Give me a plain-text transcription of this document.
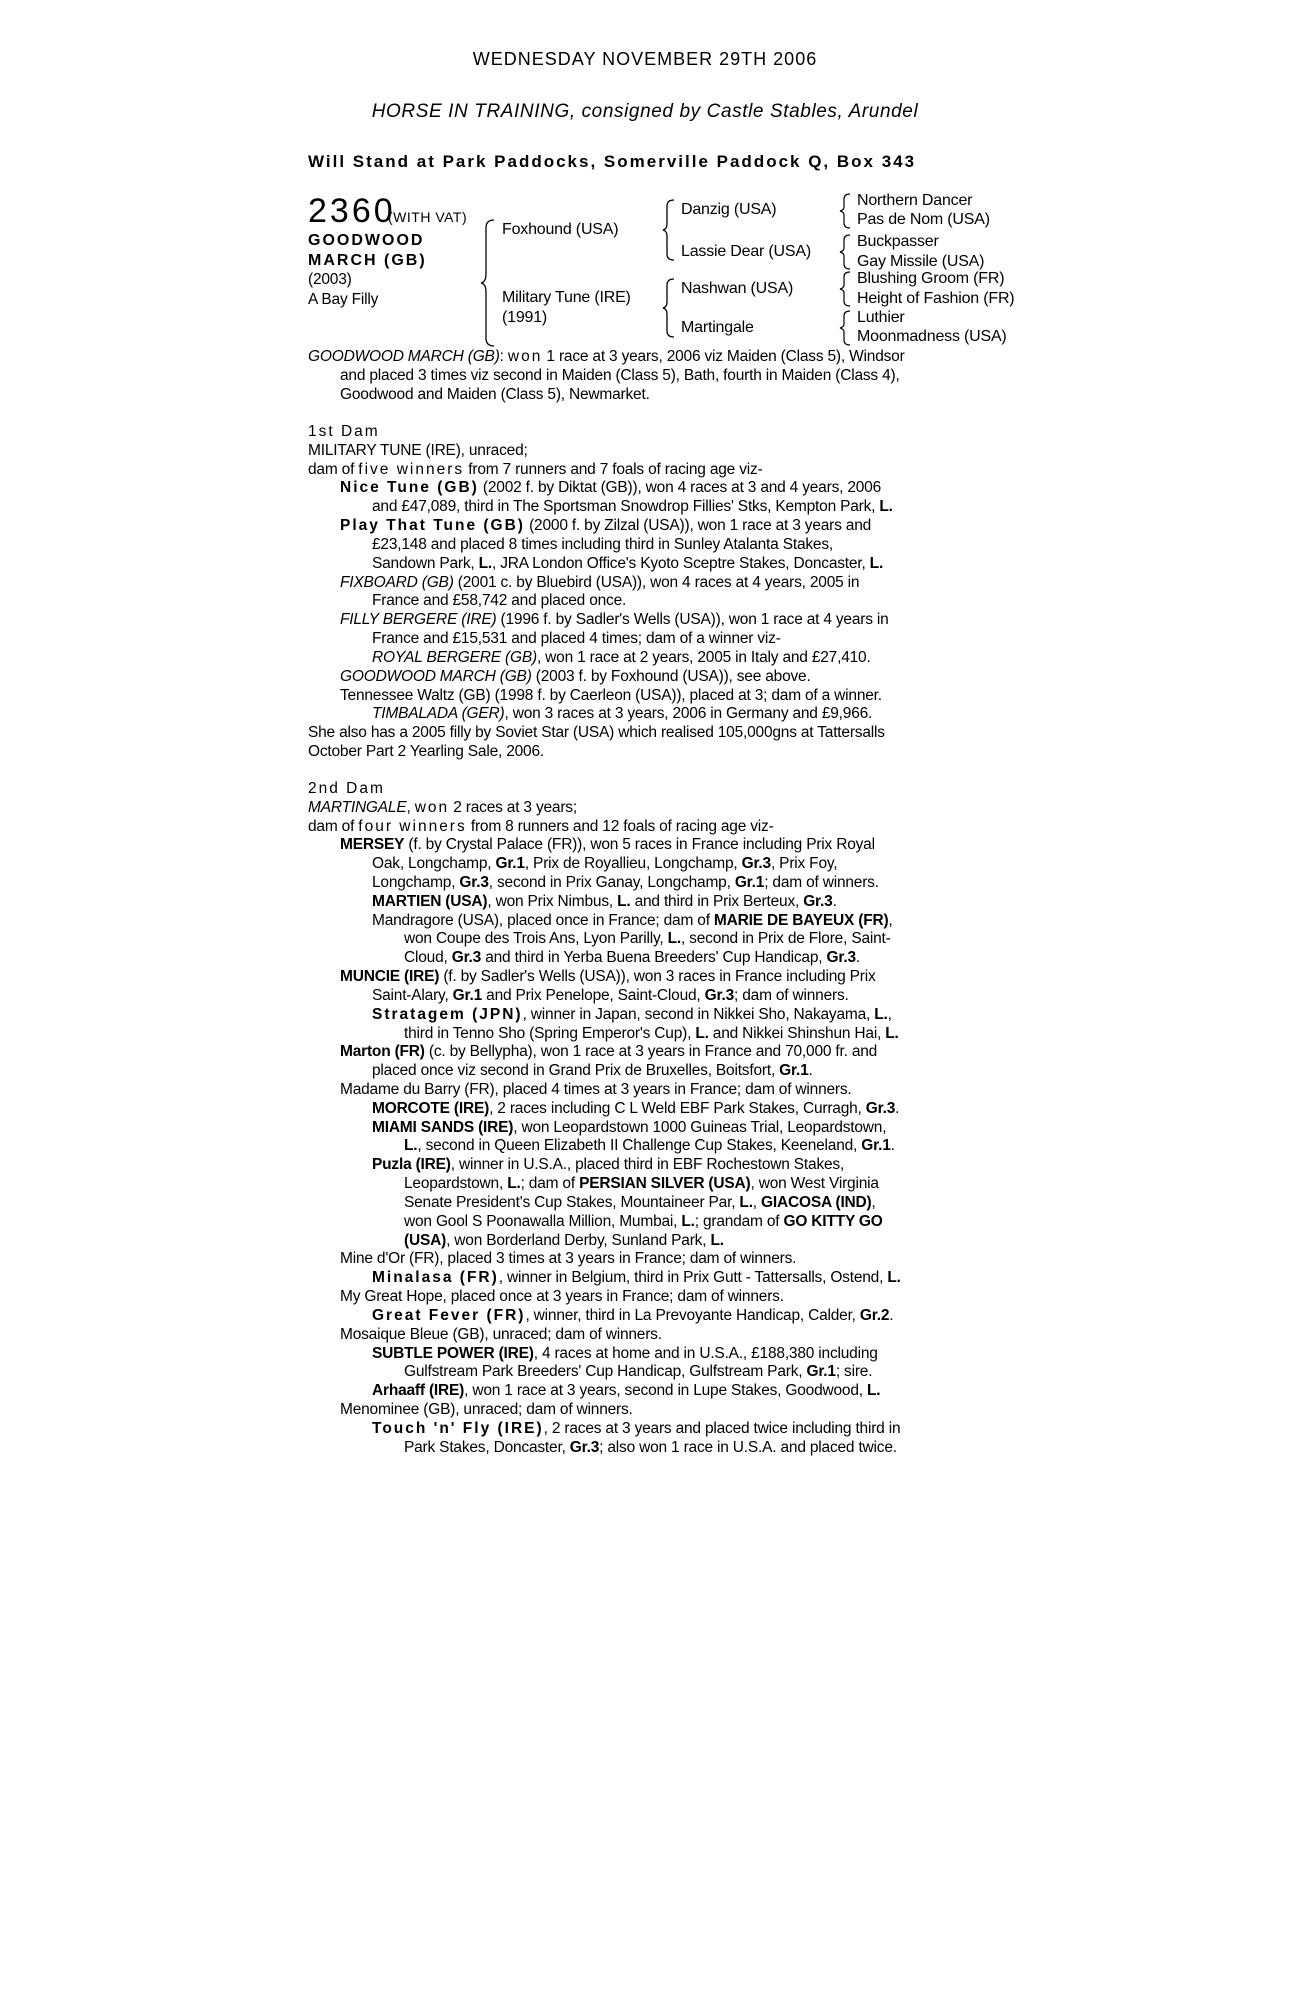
WEDNESDAY NOVEMBER 29TH 2006
HORSE IN TRAINING, consigned by Castle Stables, Arundel
Will Stand at Park Paddocks, Somerville Paddock Q, Box 343
2360
(WITH VAT)
GOODWOOD MARCH (GB)
(2003)
A Bay Filly
Foxhound (USA)
Military Tune (IRE)
(1991)
Danzig (USA)
Lassie Dear (USA)
Nashwan (USA)
Martingale
Northern Dancer
Pas de Nom (USA)
Buckpasser
Gay Missile (USA)
Blushing Groom (FR)
Height of Fashion (FR)
Luthier
Moonmadness (USA)
GOODWOOD MARCH (GB): won 1 race at 3 years, 2006 viz Maiden (Class 5), Windsor
and placed 3 times viz second in Maiden (Class 5), Bath, fourth in Maiden (Class 4),
Goodwood and Maiden (Class 5), Newmarket.
1st Dam
MILITARY TUNE (IRE), unraced;
dam of five winners from 7 runners and 7 foals of racing age viz-
Nice Tune (GB) (2002 f. by Diktat (GB)), won 4 races at 3 and 4 years, 2006
and £47,089, third in The Sportsman Snowdrop Fillies' Stks, Kempton Park, L.
Play That Tune (GB) (2000 f. by Zilzal (USA)), won 1 race at 3 years and
£23,148 and placed 8 times including third in Sunley Atalanta Stakes,
Sandown Park, L., JRA London Office's Kyoto Sceptre Stakes, Doncaster, L.
FIXBOARD (GB) (2001 c. by Bluebird (USA)), won 4 races at 4 years, 2005 in
France and £58,742 and placed once.
FILLY BERGERE (IRE) (1996 f. by Sadler's Wells (USA)), won 1 race at 4 years in
France and £15,531 and placed 4 times; dam of a winner viz-
ROYAL BERGERE (GB), won 1 race at 2 years, 2005 in Italy and £27,410.
GOODWOOD MARCH (GB) (2003 f. by Foxhound (USA)), see above.
Tennessee Waltz (GB) (1998 f. by Caerleon (USA)), placed at 3; dam of a winner.
TIMBALADA (GER), won 3 races at 3 years, 2006 in Germany and £9,966.
She also has a 2005 filly by Soviet Star (USA) which realised 105,000gns at Tattersalls
October Part 2 Yearling Sale, 2006.
2nd Dam
MARTINGALE, won 2 races at 3 years;
dam of four winners from 8 runners and 12 foals of racing age viz-
MERSEY (f. by Crystal Palace (FR)), won 5 races in France including Prix Royal
Oak, Longchamp, Gr.1, Prix de Royallieu, Longchamp, Gr.3, Prix Foy,
Longchamp, Gr.3, second in Prix Ganay, Longchamp, Gr.1; dam of winners.
MARTIEN (USA), won Prix Nimbus, L. and third in Prix Berteux, Gr.3.
Mandragore (USA), placed once in France; dam of MARIE DE BAYEUX (FR),
won Coupe des Trois Ans, Lyon Parilly, L., second in Prix de Flore, Saint-
Cloud, Gr.3 and third in Yerba Buena Breeders' Cup Handicap, Gr.3.
MUNCIE (IRE) (f. by Sadler's Wells (USA)), won 3 races in France including Prix
Saint-Alary, Gr.1 and Prix Penelope, Saint-Cloud, Gr.3; dam of winners.
Stratagem (JPN), winner in Japan, second in Nikkei Sho, Nakayama, L.,
third in Tenno Sho (Spring Emperor's Cup), L. and Nikkei Shinshun Hai, L.
Marton (FR) (c. by Bellypha), won 1 race at 3 years in France and 70,000 fr. and
placed once viz second in Grand Prix de Bruxelles, Boitsfort, Gr.1.
Madame du Barry (FR), placed 4 times at 3 years in France; dam of winners.
MORCOTE (IRE), 2 races including C L Weld EBF Park Stakes, Curragh, Gr.3.
MIAMI SANDS (IRE), won Leopardstown 1000 Guineas Trial, Leopardstown,
L., second in Queen Elizabeth II Challenge Cup Stakes, Keeneland, Gr.1.
Puzla (IRE), winner in U.S.A., placed third in EBF Rochestown Stakes,
Leopardstown, L.; dam of PERSIAN SILVER (USA), won West Virginia
Senate President's Cup Stakes, Mountaineer Par, L., GIACOSA (IND),
won Gool S Poonawalla Million, Mumbai, L.; grandam of GO KITTY GO
(USA), won Borderland Derby, Sunland Park, L.
Mine d'Or (FR), placed 3 times at 3 years in France; dam of winners.
Minalasa (FR), winner in Belgium, third in Prix Gutt - Tattersalls, Ostend, L.
My Great Hope, placed once at 3 years in France; dam of winners.
Great Fever (FR), winner, third in La Prevoyante Handicap, Calder, Gr.2.
Mosaique Bleue (GB), unraced; dam of winners.
SUBTLE POWER (IRE), 4 races at home and in U.S.A., £188,380 including
Gulfstream Park Breeders' Cup Handicap, Gulfstream Park, Gr.1; sire.
Arhaaff (IRE), won 1 race at 3 years, second in Lupe Stakes, Goodwood, L.
Menominee (GB), unraced; dam of winners.
Touch 'n' Fly (IRE), 2 races at 3 years and placed twice including third in
Park Stakes, Doncaster, Gr.3; also won 1 race in U.S.A. and placed twice.
